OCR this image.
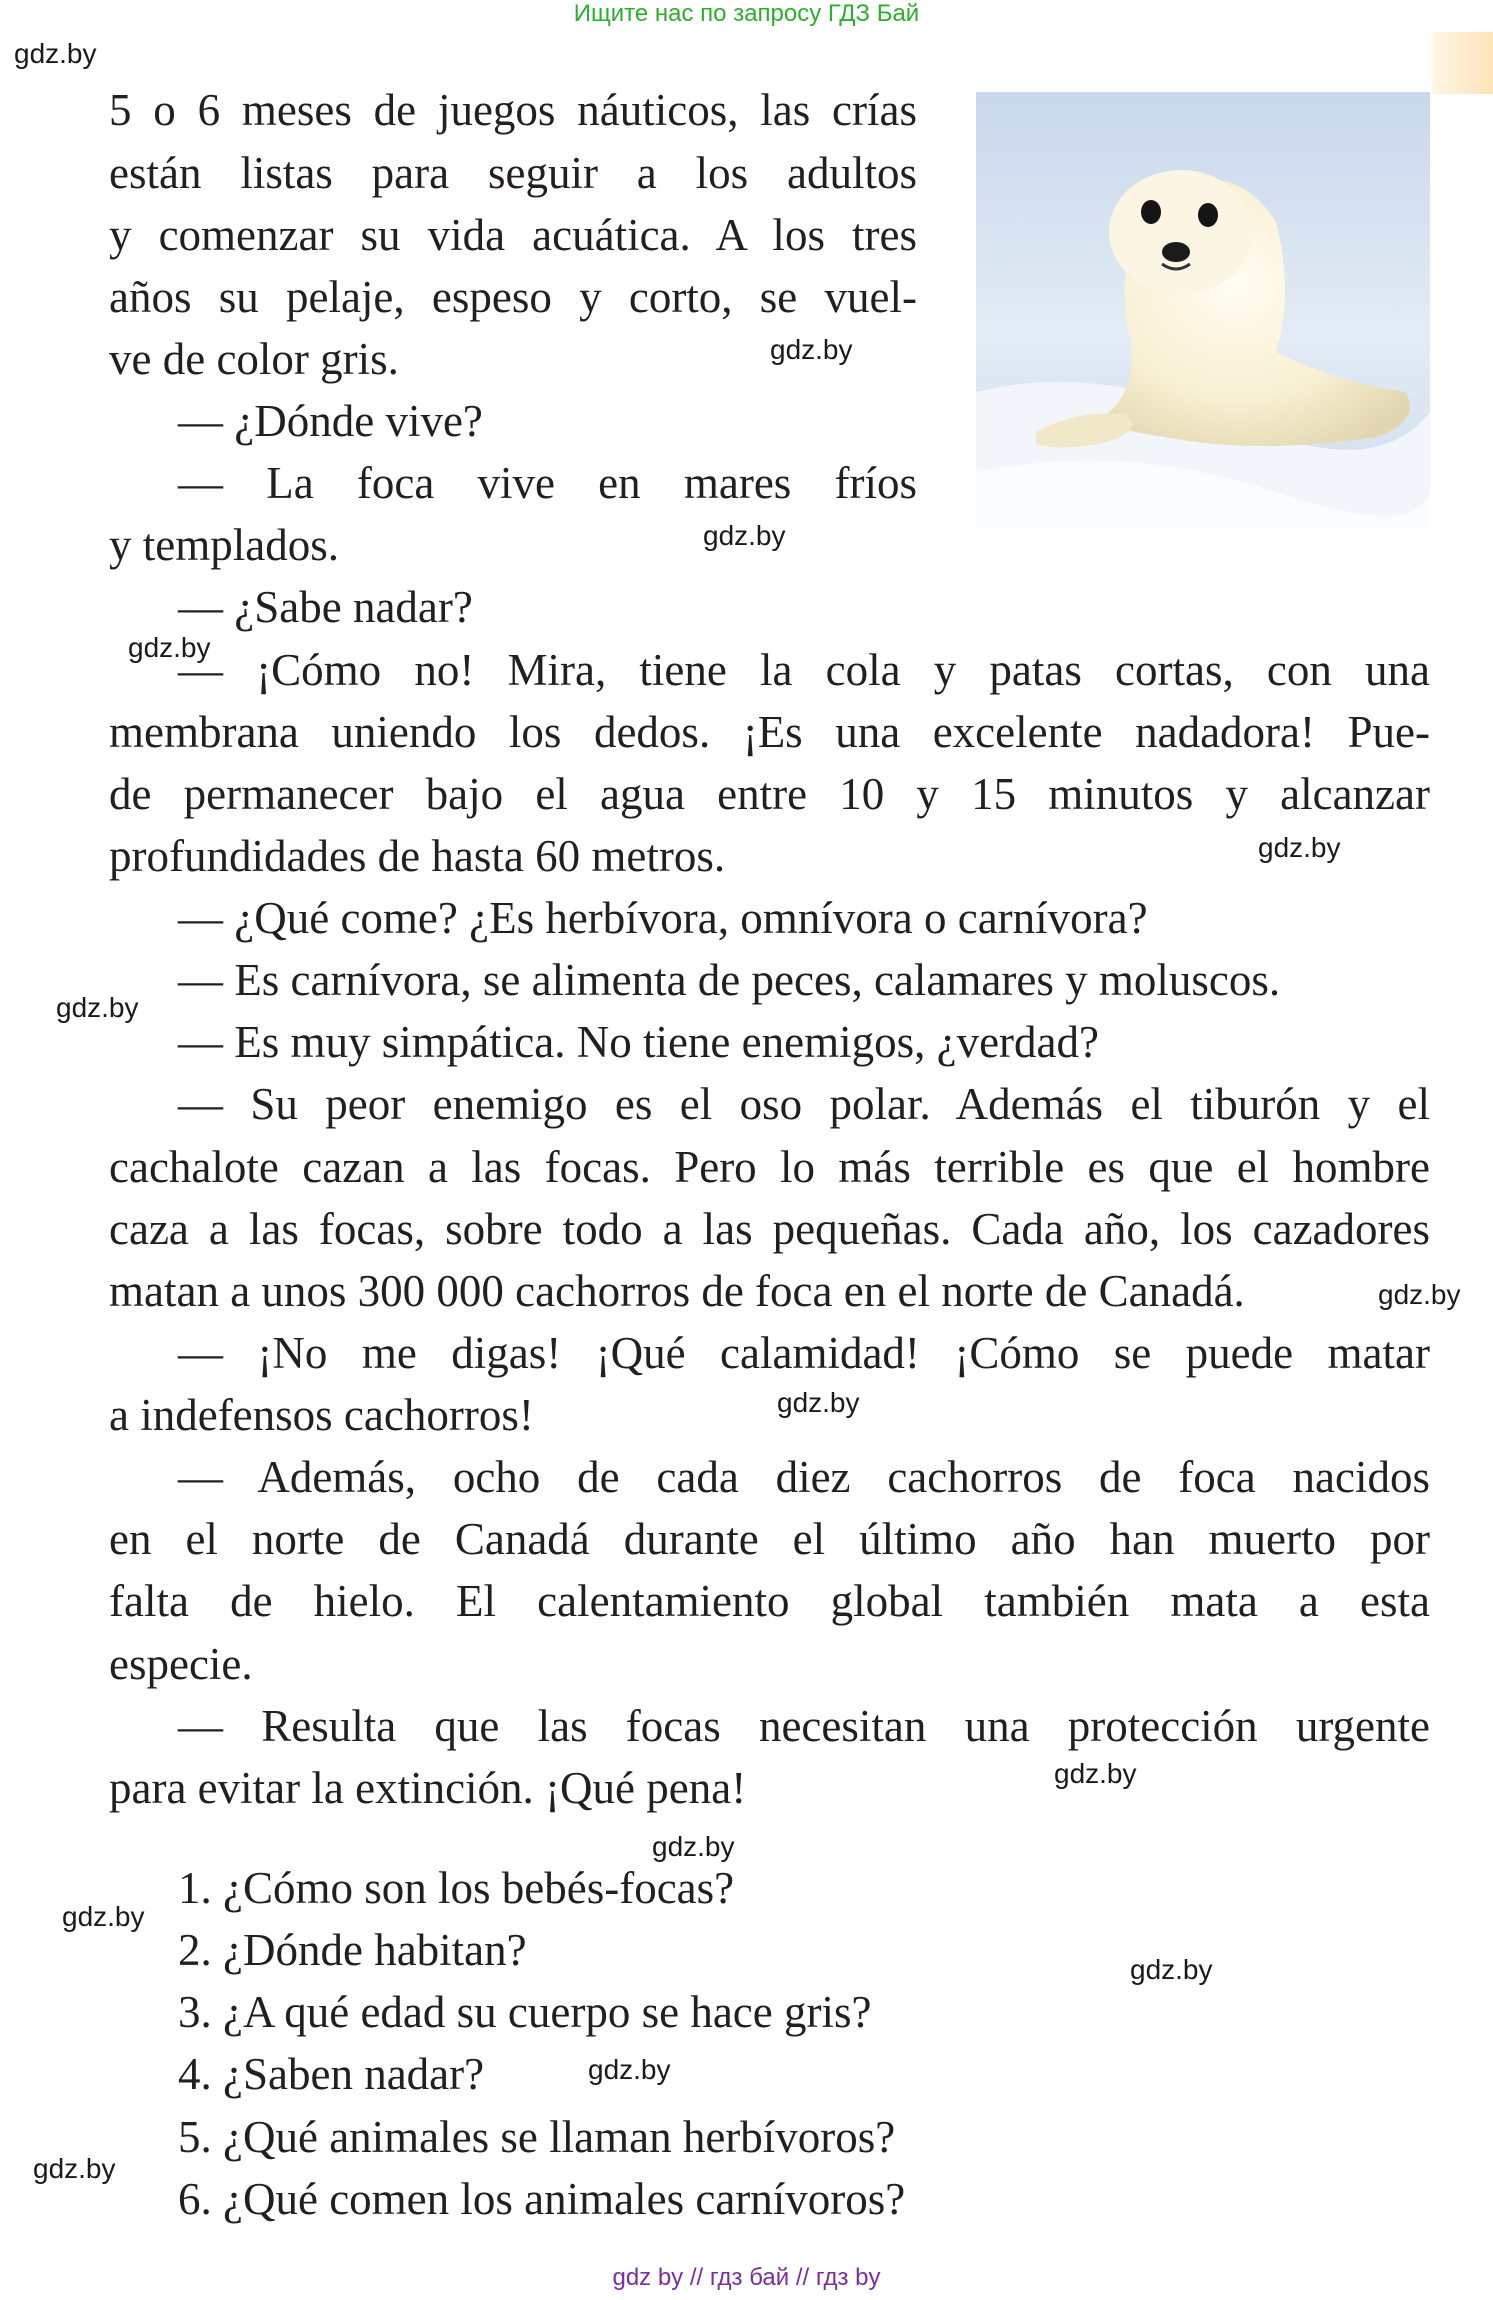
Ищите нас по запросу ГДЗ Бай
gdz.by
gdz.by
gdz.by
gdz.by
gdz.by
gdz.by
gdz.by
gdz.by
gdz.by
gdz.by
gdz.by
gdz.by
gdz.by
gdz.by
5 o 6 meses de juegos náuticos, las crías
están listas para seguir a los adultos
y comenzar su vida acuática. A los tres
años su pelaje, espeso y corto, se vuel-
ve de color gris.
— ¿Dónde vive?
— La foca vive en mares fríos
y templados.
— ¿Sabe nadar?
— ¡Cómo no! Mira, tiene la cola y patas cortas, con una
membrana uniendo los dedos. ¡Es una excelente nadadora! Pue-
de permanecer bajo el agua entre 10 y 15 minutos y alcanzar
profundidades de hasta 60 metros.
— ¿Qué come? ¿Es herbívora, omnívora o carnívora?
— Es carnívora, se alimenta de peces, calamares y moluscos.
— Es muy simpática. No tiene enemigos, ¿verdad?
— Su peor enemigo es el oso polar. Además el tiburón y el
cachalote cazan a las focas. Pero lo más terrible es que el hombre
caza a las focas, sobre todo a las pequeñas. Cada año, los cazadores
matan a unos 300 000 cachorros de foca en el norte de Canadá.
— ¡No me digas! ¡Qué calamidad! ¡Cómo se puede matar
a indefensos cachorros!
— Además, ocho de cada diez cachorros de foca nacidos
en el norte de Canadá durante el último año han muerto por
falta de hielo. El calentamiento global también mata a esta
especie.
— Resulta que las focas necesitan una protección urgente
para evitar la extinción. ¡Qué pena!
1. ¿Cómo son los bebés-focas?
2. ¿Dónde habitan?
3. ¿A qué edad su cuerpo se hace gris?
4. ¿Saben nadar?
5. ¿Qué animales se llaman herbívoros?
6. ¿Qué comen los animales carnívoros?
gdz by // гдз бай // гдз by
